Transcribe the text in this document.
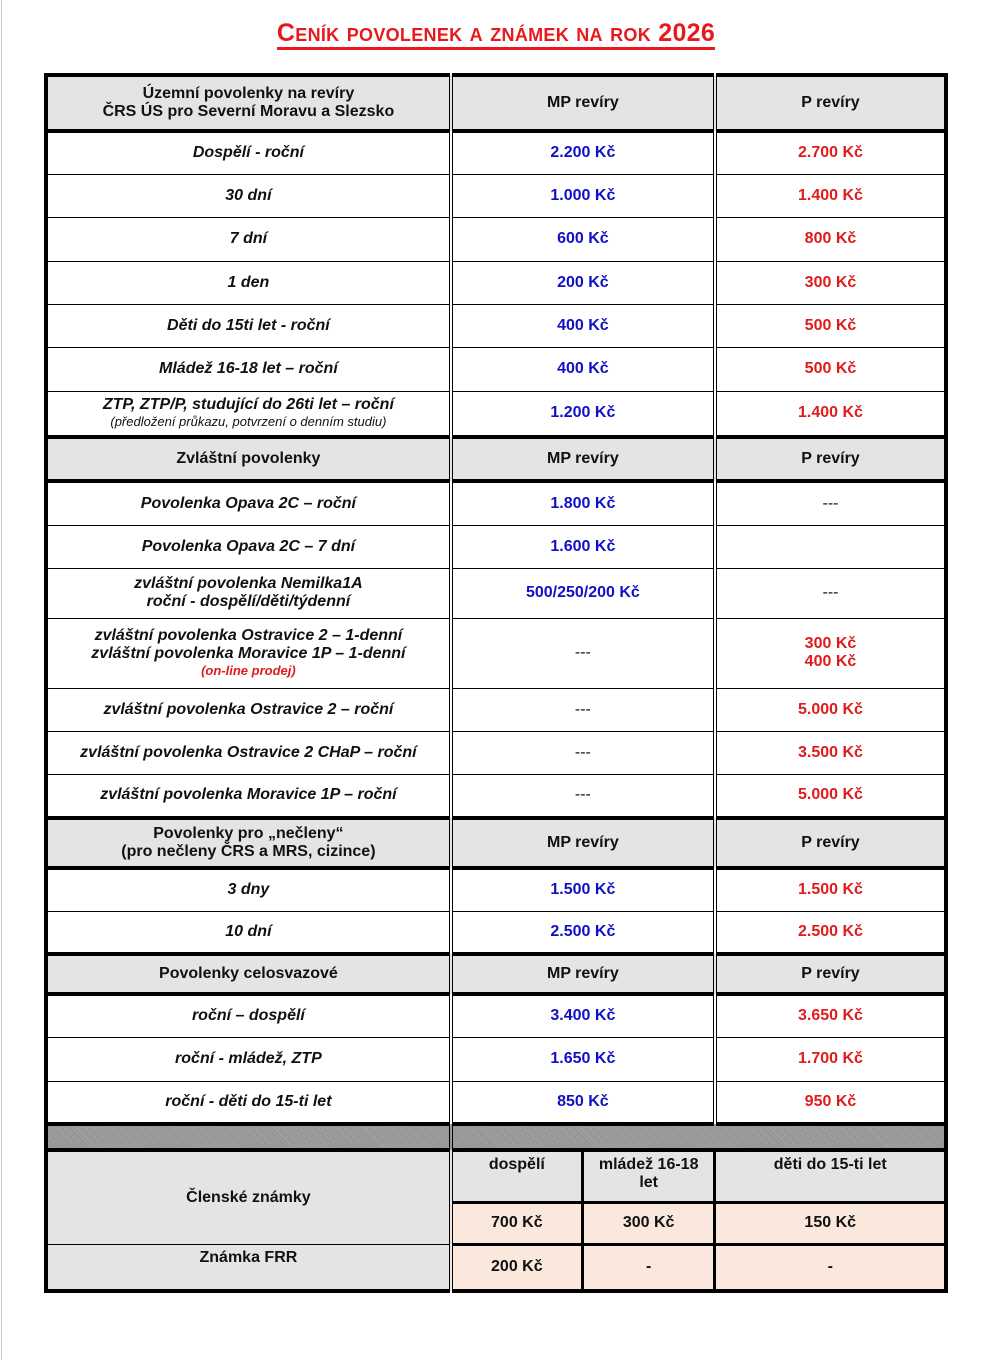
Ceník povolenek a známek na rok 2026
Územní povolenky na revíry
ČRS ÚS pro Severní Moravu a Slezsko	MP revíry		P revíry
Dospělí - roční	2.200 Kč		2.700 Kč
30 dní	1.000 Kč		1.400 Kč
7 dní	600 Kč		800 Kč
1 den	200 Kč		300 Kč
Děti do 15ti let - roční	400 Kč		500 Kč
Mládež 16-18 let – roční	400 Kč		500 Kč
ZTP, ZTP/P, studující do 26ti let – roční
(předložení průkazu, potvrzení o denním studiu)	1.200 Kč		1.400 Kč
Zvláštní povolenky	MP revíry		P revíry
Povolenka Opava 2C – roční	1.800 Kč		---
Povolenka Opava 2C – 7 dní	1.600 Kč		
zvláštní povolenka Nemilka1A
roční - dospělí/děti/týdenní	500/250/200 Kč		---
zvláštní povolenka Ostravice 2 – 1-denní
zvláštní povolenka Moravice 1P – 1-denní
(on-line prodej)	---		300 Kč
400 Kč
zvláštní povolenka Ostravice 2 – roční	---		5.000 Kč
zvláštní povolenka Ostravice 2 CHaP – roční	---		3.500 Kč
zvláštní povolenka Moravice 1P – roční	---		5.000 Kč
Povolenky pro „nečleny“
(pro nečleny ČRS a MRS, cizince)	MP revíry		P revíry
3 dny	1.500 Kč		1.500 Kč
10 dní	2.500 Kč		2.500 Kč
Povolenky celosvazové	MP revíry		P revíry
roční – dospělí	3.400 Kč		3.650 Kč
roční - mládež, ZTP	1.650 Kč		1.700 Kč
roční - děti do 15-ti let	850 Kč		950 Kč

Členské známky	dospělí	mládež 16-18 let	děti do 15-ti let
	700 Kč	300 Kč	150 Kč
Známka FRR	200 Kč	-	-
